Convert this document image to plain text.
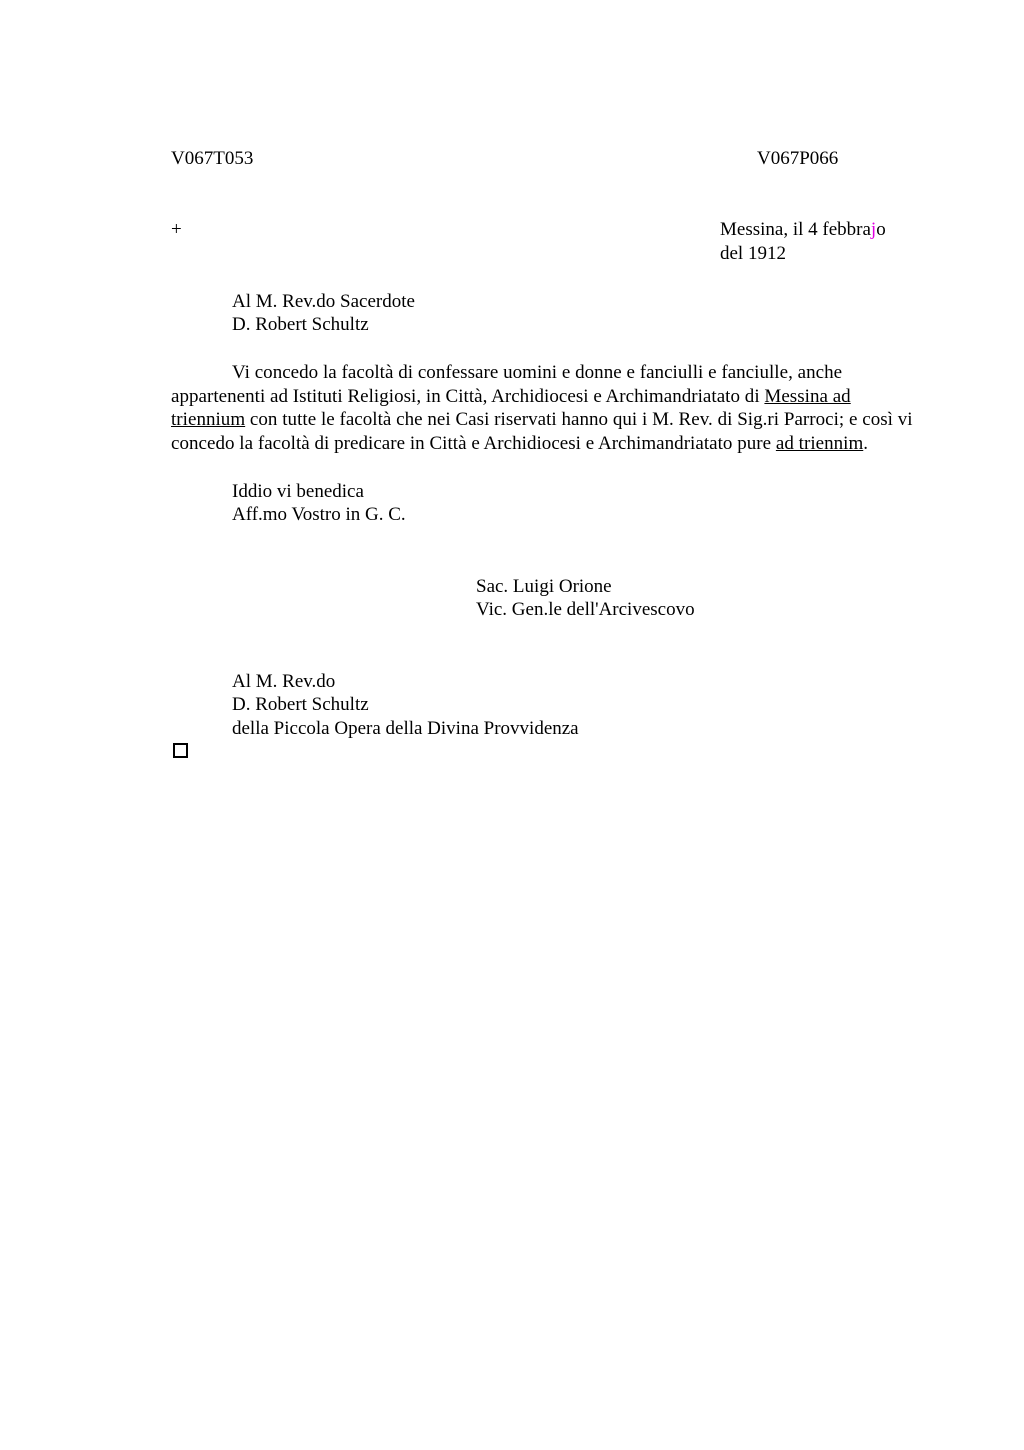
V067T053	V067P066
+	Messina, il 4 febbrajo
del 1912
Al M. Rev.do Sacerdote
D. Robert Schultz
Vi concedo la facoltà di confessare uomini e donne e fanciulli e fanciulle, anche appartenenti ad Istituti Religiosi, in Città, Archidiocesi e Archimandriatato di Messina ad triennium con tutte le facoltà che nei Casi riservati hanno qui i M. Rev. di Sig.ri Parroci; e così vi concedo la facoltà di predicare in Città e Archidiocesi e Archimandriatato pure ad triennim.
Iddio vi benedica
Aff.mo Vostro in G. C.
Sac. Luigi Orione
Vic. Gen.le dell'Arcivescovo
Al M. Rev.do
D. Robert Schultz
della Piccola Opera della Divina Provvidenza
